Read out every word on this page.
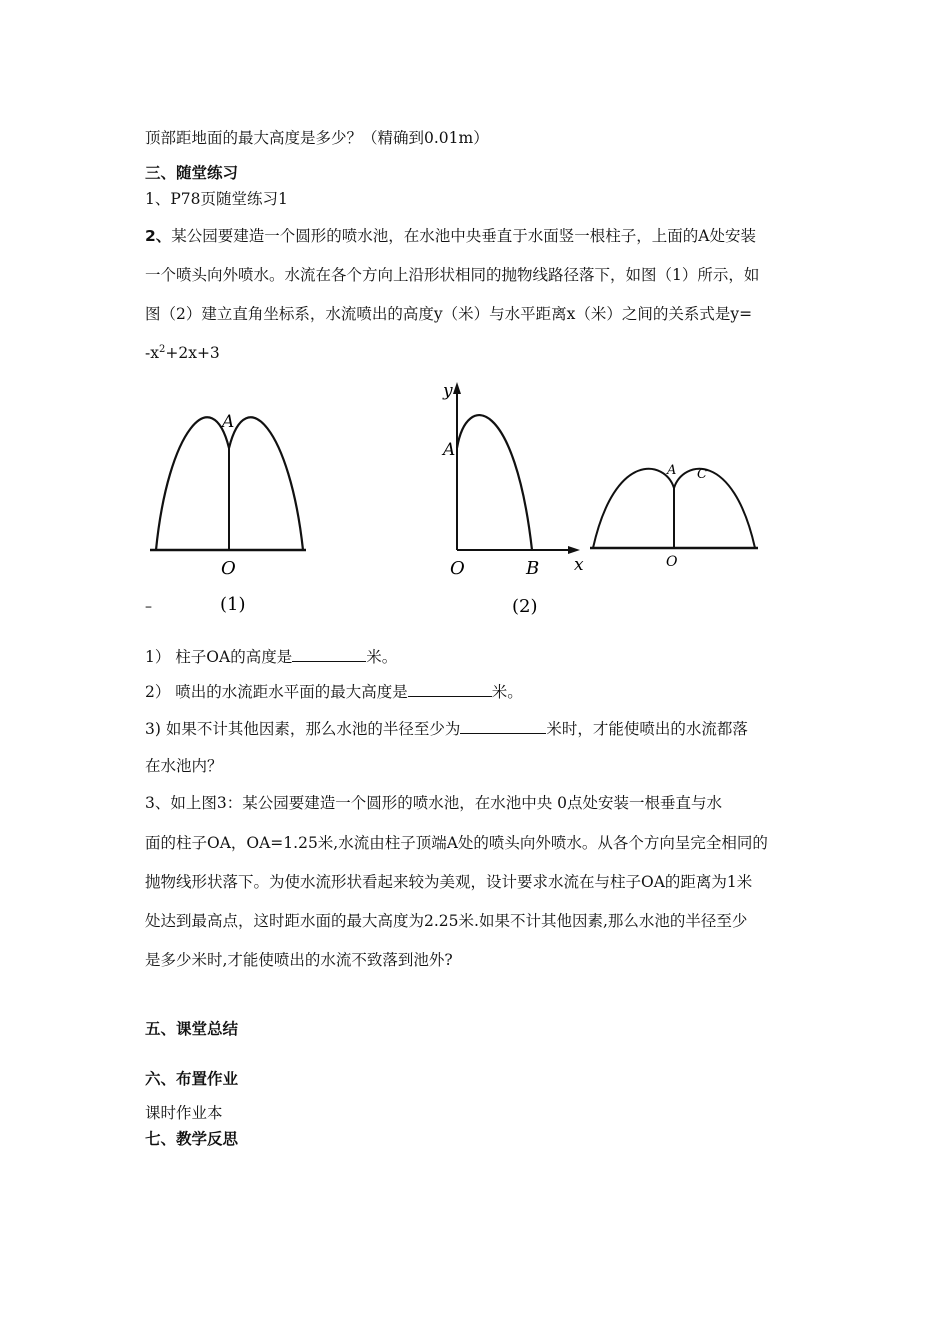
顶部距地面的最大高度是多少？（精确到0.01m）
三、随堂练习
1、P78页随堂练习1
2、某公园要建造一个圆形的喷水池，在水池中央垂直于水面竖一根柱子，上面的A处安装
一个喷头向外喷水。水流在各个方向上沿形状相同的抛物线路径落下，如图（1）所示，如
图（2）建立直角坐标系，水流喷出的高度y（米）与水平距离x（米）之间的关系式是y=
$-x^2+2x+3$
A
O
(1)
–
y
A
O	B x
(2)
A C
O
1） 柱子OA的高度是	米。
2） 喷出的水流距水平面的最大高度是	米。
3) 如果不计其他因素，那么水池的半径至少为	米时，才能使喷出的水流都落
在水池内？
3、如上图3：某公园要建造一个圆形的喷水池，在水池中央 0点处安装一根垂直与水
面的柱子OA，OA=1.25米,水流由柱子顶端A处的喷头向外喷水。从各个方向呈完全相同的
抛物线形状落下。为使水流形状看起来较为美观，设计要求水流在与柱子OA的距离为1米
处达到最高点，这时距水面的最大高度为2.25米.如果不计其他因素,那么水池的半径至少
是多少米时,才能使喷出的水流不致落到池外?
五、课堂总结
六、布置作业
课时作业本
七、教学反思
